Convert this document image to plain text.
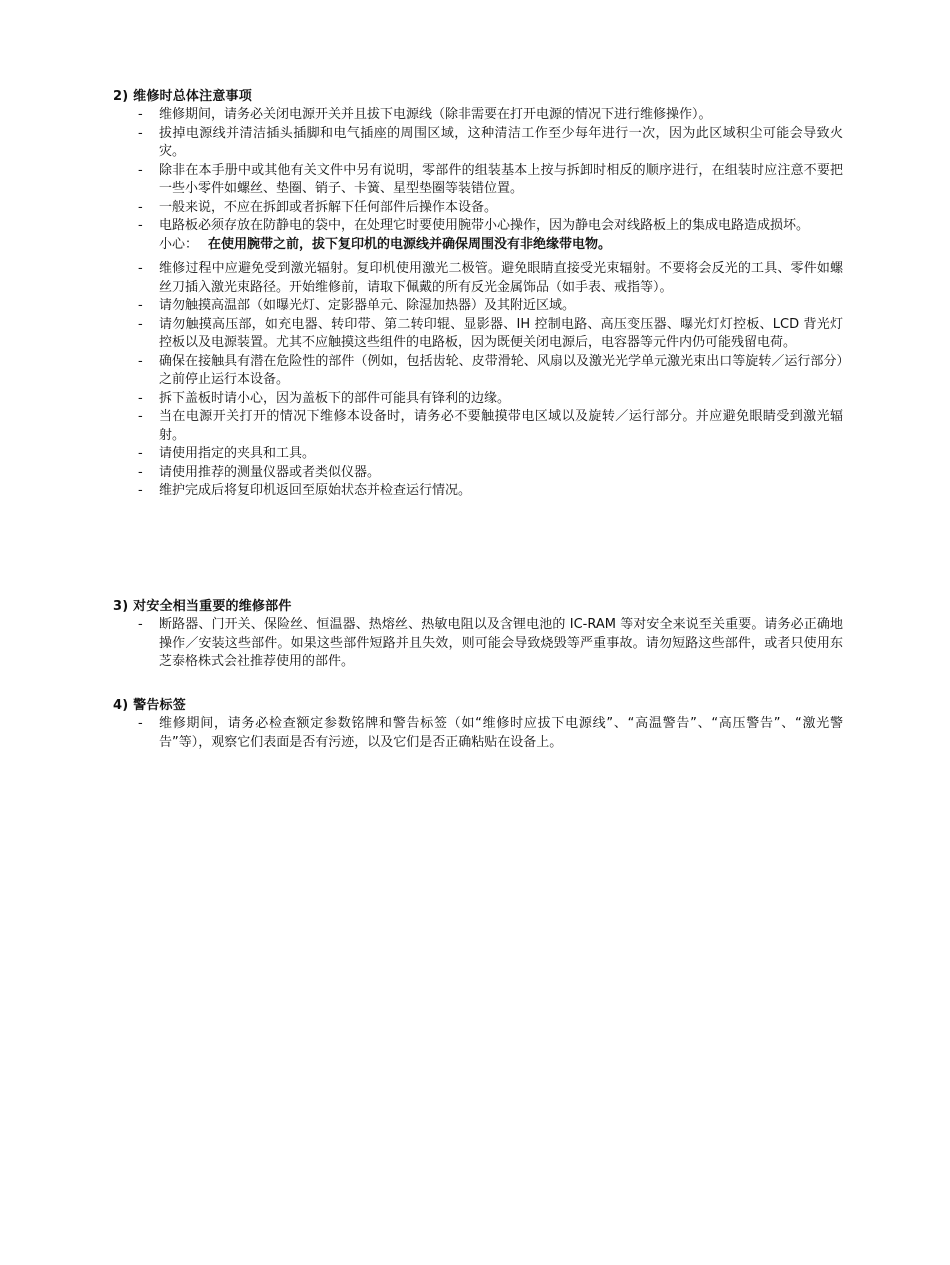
2) 维修时总体注意事项
-	维修期间，请务必关闭电源开关并且拔下电源线（除非需要在打开电源的情况下进行维修操作）。
-	拔掉电源线并清洁插头插脚和电气插座的周围区域，这种清洁工作至少每年进行一次，因为此区域积尘可能会导致火灾。
-	除非在本手册中或其他有关文件中另有说明，零部件的组装基本上按与拆卸时相反的顺序进行，在组装时应注意不要把一些小零件如螺丝、垫圈、销子、卡簧、星型垫圈等装错位置。
-	一般来说，不应在拆卸或者拆解下任何部件后操作本设备。
-	电路板必须存放在防静电的袋中，在处理它时要使用腕带小心操作，因为静电会对线路板上的集成电路造成损坏。
小心： 在使用腕带之前，拔下复印机的电源线并确保周围没有非绝缘带电物。
-	维修过程中应避免受到激光辐射。复印机使用激光二极管。避免眼睛直接受光束辐射。不要将会反光的工具、零件如螺丝刀插入激光束路径。开始维修前，请取下佩戴的所有反光金属饰品（如手表、戒指等）。
-	请勿触摸高温部（如曝光灯、定影器单元、除湿加热器）及其附近区域。
-	请勿触摸高压部，如充电器、转印带、第二转印辊、显影器、IH 控制电路、高压变压器、曝光灯灯控板、LCD 背光灯控板以及电源装置。尤其不应触摸这些组件的电路板，因为既便关闭电源后，电容器等元件内仍可能残留电荷。
-	确保在接触具有潜在危险性的部件（例如，包括齿轮、皮带滑轮、风扇以及激光光学单元激光束出口等旋转／运行部分）之前停止运行本设备。
-	拆下盖板时请小心，因为盖板下的部件可能具有锋利的边缘。
-	当在电源开关打开的情况下维修本设备时，请务必不要触摸带电区域以及旋转／运行部分。并应避免眼睛受到激光辐射。
-	请使用指定的夹具和工具。
-	请使用推荐的测量仪器或者类似仪器。
-	维护完成后将复印机返回至原始状态并检查运行情况。
3) 对安全相当重要的维修部件
-	断路器、门开关、保险丝、恒温器、热熔丝、热敏电阻以及含锂电池的 IC-RAM 等对安全来说至关重要。请务必正确地操作／安装这些部件。如果这些部件短路并且失效，则可能会导致烧毁等严重事故。请勿短路这些部件，或者只使用东芝泰格株式会社推荐使用的部件。
4) 警告标签
-	维修期间，请务必检查额定参数铭牌和警告标签（如“维修时应拔下电源线”、“高温警告”、“高压警告”、“激光警告”等），观察它们表面是否有污迹，以及它们是否正确粘贴在设备上。
